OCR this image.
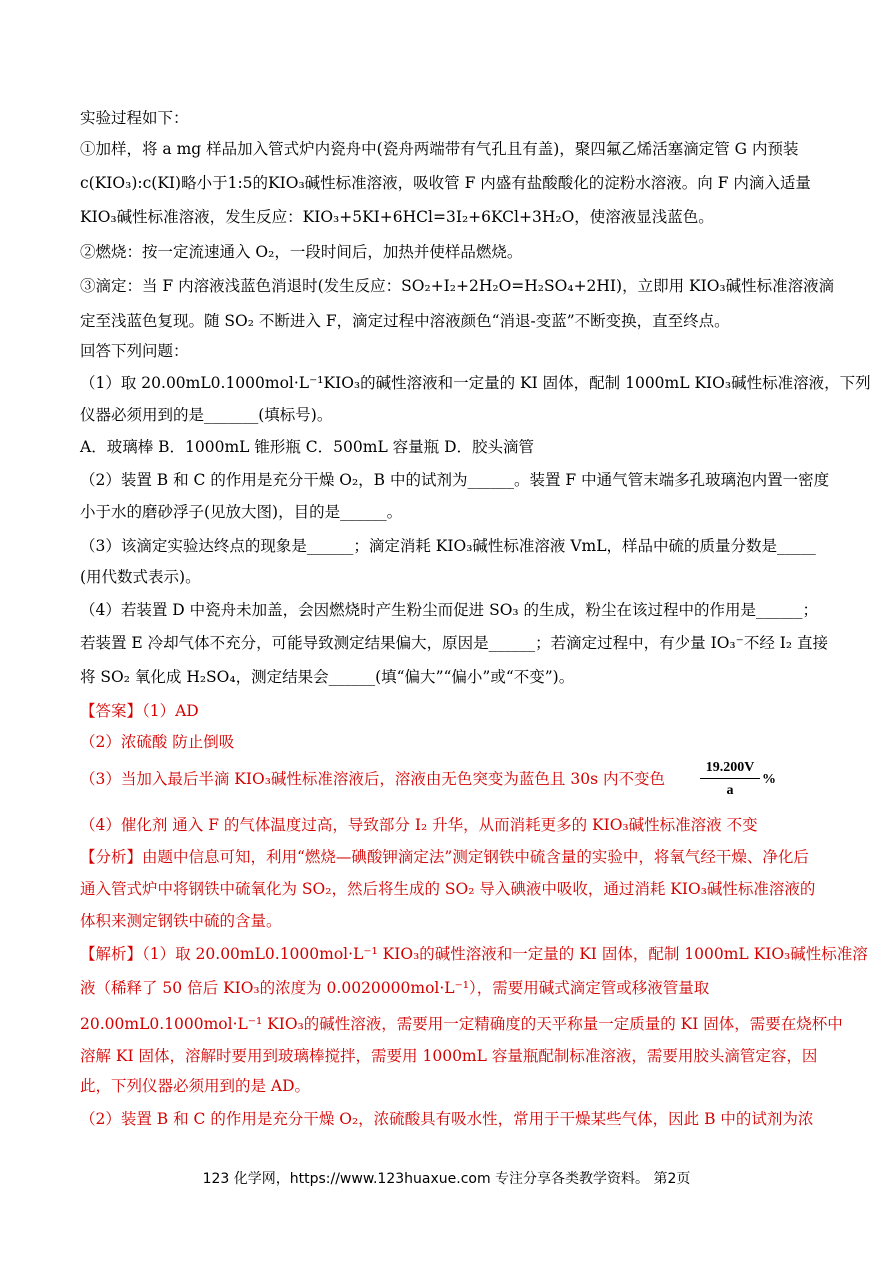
实验过程如下：
①加样，将 a mg 样品加入管式炉内瓷舟中(瓷舟两端带有气孔且有盖)，聚四氟乙烯活塞滴定管 G 内预装
c(KIO₃):c(KI)略小于1:5的KIO₃碱性标准溶液，吸收管 F 内盛有盐酸酸化的淀粉水溶液。向 F 内滴入适量
KIO₃碱性标准溶液，发生反应：KIO₃+5KI+6HCl=3I₂+6KCl+3H₂O，使溶液显浅蓝色。
②燃烧：按一定流速通入 O₂，一段时间后，加热并使样品燃烧。
③滴定：当 F 内溶液浅蓝色消退时(发生反应：SO₂+I₂+2H₂O=H₂SO₄+2HI)，立即用 KIO₃碱性标准溶液滴
定至浅蓝色复现。随 SO₂ 不断进入 F，滴定过程中溶液颜色“消退-变蓝”不断变换，直至终点。
回答下列问题：
（1）取 20.00mL0.1000mol·L⁻¹KIO₃的碱性溶液和一定量的 KI 固体，配制 1000mL KIO₃碱性标准溶液，下列
仪器必须用到的是_______(填标号)。
A．玻璃棒 B．1000mL 锥形瓶 C．500mL 容量瓶 D．胶头滴管
（2）装置 B 和 C 的作用是充分干燥 O₂，B 中的试剂为______。装置 F 中通气管末端多孔玻璃泡内置一密度
小于水的磨砂浮子(见放大图)，目的是______。
（3）该滴定实验达终点的现象是______；滴定消耗 KIO₃碱性标准溶液 VmL，样品中硫的质量分数是_____
(用代数式表示)。
（4）若装置 D 中瓷舟未加盖，会因燃烧时产生粉尘而促进 SO₃ 的生成，粉尘在该过程中的作用是______；
若装置 E 冷却气体不充分，可能导致测定结果偏大，原因是______；若滴定过程中，有少量 IO₃⁻不经 I₂ 直接
将 SO₂ 氧化成 H₂SO₄，测定结果会______(填“偏大”“偏小”或“不变”)。
【答案】（1）AD
（2）浓硫酸 防止倒吸
（3）当加入最后半滴 KIO₃碱性标准溶液后，溶液由无色突变为蓝色且 30s 内不变色
（4）催化剂 通入 F 的气体温度过高，导致部分 I₂ 升华，从而消耗更多的 KIO₃碱性标准溶液 不变
【分析】由题中信息可知，利用“燃烧—碘酸钾滴定法”测定钢铁中硫含量的实验中，将氧气经干燥、净化后
通入管式炉中将钢铁中硫氧化为 SO₂，然后将生成的 SO₂ 导入碘液中吸收，通过消耗 KIO₃碱性标准溶液的
体积来测定钢铁中硫的含量。
【解析】（1）取 20.00mL0.1000mol·L⁻¹ KIO₃的碱性溶液和一定量的 KI 固体，配制 1000mL KIO₃碱性标准溶
液（稀释了 50 倍后 KIO₃的浓度为 0.0020000mol·L⁻¹），需要用碱式滴定管或移液管量取
20.00mL0.1000mol·L⁻¹ KIO₃的碱性溶液，需要用一定精确度的天平称量一定质量的 KI 固体，需要在烧杯中
溶解 KI 固体，溶解时要用到玻璃棒搅拌，需要用 1000mL 容量瓶配制标准溶液，需要用胶头滴管定容，因
此，下列仪器必须用到的是 AD。
（2）装置 B 和 C 的作用是充分干燥 O₂，浓硫酸具有吸水性，常用于干燥某些气体，因此 B 中的试剂为浓
$\frac{19.200V}{a}$ %
123 化学网，https://www.123huaxue.com 专注分享各类教学资料。 第2页
